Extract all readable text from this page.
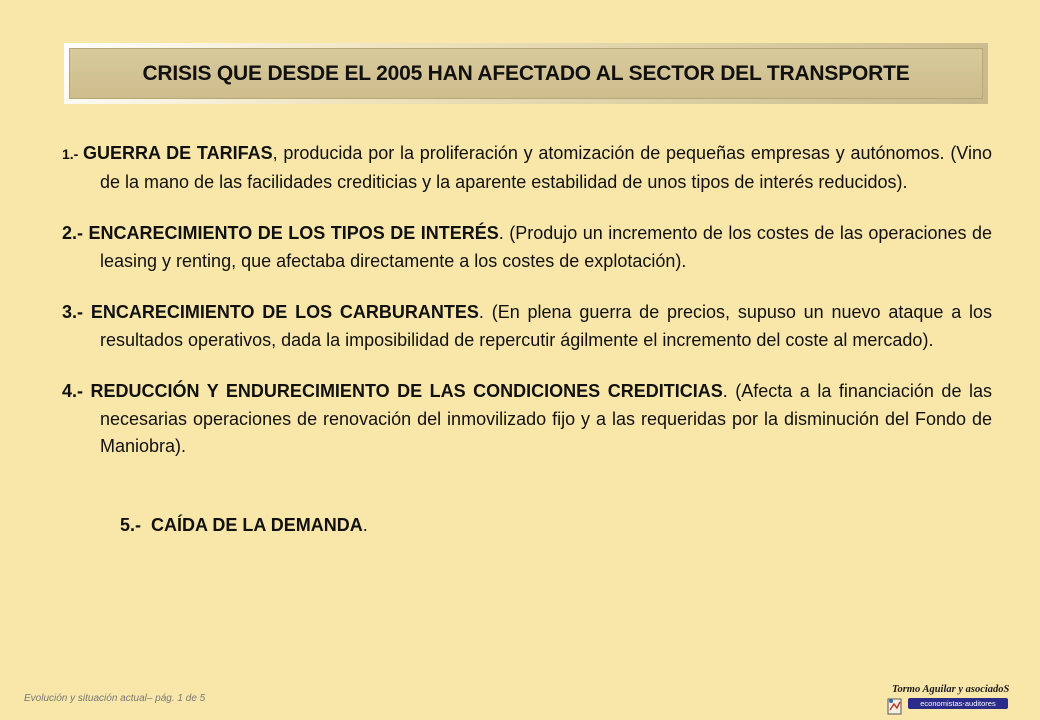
CRISIS QUE DESDE EL 2005 HAN AFECTADO AL SECTOR DEL TRANSPORTE
1.- GUERRA DE TARIFAS, producida por la proliferación y atomización de pequeñas empresas y autónomos. (Vino de la mano de las facilidades crediticias y la aparente estabilidad de unos tipos de interés reducidos).
2.- ENCARECIMIENTO DE LOS TIPOS DE INTERÉS. (Produjo un incremento de los costes de las operaciones de leasing y renting, que afectaba directamente a los costes de explotación).
3.- ENCARECIMIENTO DE LOS CARBURANTES. (En plena guerra de precios, supuso un nuevo ataque a los resultados operativos, dada la imposibilidad de repercutir ágilmente el incremento del coste al mercado).
4.- REDUCCIÓN Y ENDURECIMIENTO DE LAS CONDICIONES CREDITICIAS. (Afecta a la financiación de las necesarias operaciones de renovación del inmovilizado fijo y a las requeridas por la disminución del Fondo de Maniobra).

5.-  CAÍDA DE LA DEMANDA.

Evolución y situación actual– pág. 1 de 5
Tormo Aguilar y asociadoS
economistas-auditores
